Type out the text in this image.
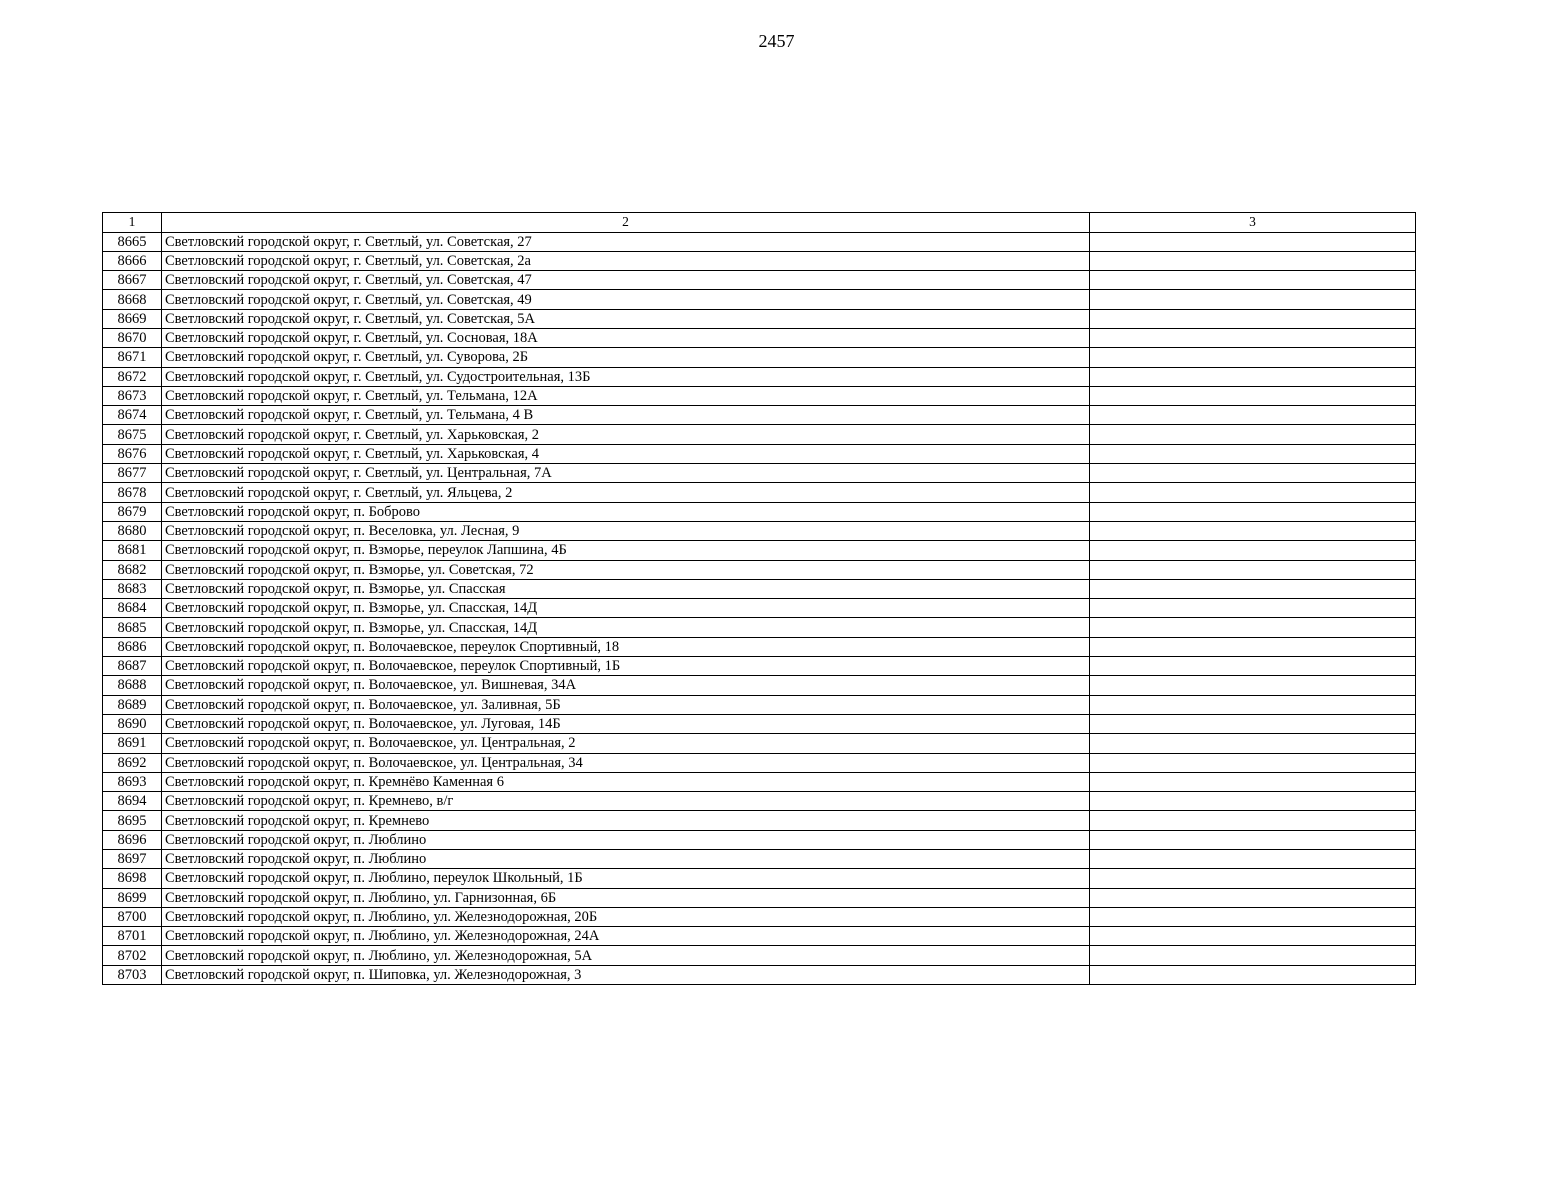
2457
1	2	3
8665	Светловский городской округ, г. Светлый, ул. Советская, 27	
8666	Светловский городской округ, г. Светлый, ул. Советская, 2а	
8667	Светловский городской округ, г. Светлый, ул. Советская, 47	
8668	Светловский городской округ, г. Светлый, ул. Советская, 49	
8669	Светловский городской округ, г. Светлый, ул. Советская, 5А	
8670	Светловский городской округ, г. Светлый, ул. Сосновая, 18А	
8671	Светловский городской округ, г. Светлый, ул. Суворова, 2Б	
8672	Светловский городской округ, г. Светлый, ул. Судостроительная, 13Б	
8673	Светловский городской округ, г. Светлый, ул. Тельмана, 12А	
8674	Светловский городской округ, г. Светлый, ул. Тельмана, 4 В	
8675	Светловский городской округ, г. Светлый, ул. Харьковская, 2	
8676	Светловский городской округ, г. Светлый, ул. Харьковская, 4	
8677	Светловский городской округ, г. Светлый, ул. Центральная, 7А	
8678	Светловский городской округ, г. Светлый, ул. Яльцева, 2	
8679	Светловский городской округ, п. Боброво	
8680	Светловский городской округ, п. Веселовка, ул. Лесная, 9	
8681	Светловский городской округ, п. Взморье, переулок Лапшина, 4Б	
8682	Светловский городской округ, п. Взморье, ул. Советская, 72	
8683	Светловский городской округ, п. Взморье, ул. Спасская	
8684	Светловский городской округ, п. Взморье, ул. Спасская, 14Д	
8685	Светловский городской округ, п. Взморье, ул. Спасская, 14Д	
8686	Светловский городской округ, п. Волочаевское, переулок Спортивный, 18	
8687	Светловский городской округ, п. Волочаевское, переулок Спортивный, 1Б	
8688	Светловский городской округ, п. Волочаевское, ул. Вишневая, 34А	
8689	Светловский городской округ, п. Волочаевское, ул. Заливная, 5Б	
8690	Светловский городской округ, п. Волочаевское, ул. Луговая, 14Б	
8691	Светловский городской округ, п. Волочаевское, ул. Центральная, 2	
8692	Светловский городской округ, п. Волочаевское, ул. Центральная, 34	
8693	Светловский городской округ, п. Кремнёво Каменная 6	
8694	Светловский городской округ, п. Кремнево, в/г	
8695	Светловский городской округ, п. Кремнево	
8696	Светловский городской округ, п. Люблино	
8697	Светловский городской округ, п. Люблино	
8698	Светловский городской округ, п. Люблино, переулок Школьный, 1Б	
8699	Светловский городской округ, п. Люблино, ул. Гарнизонная, 6Б	
8700	Светловский городской округ, п. Люблино, ул. Железнодорожная, 20Б	
8701	Светловский городской округ, п. Люблино, ул. Железнодорожная, 24А	
8702	Светловский городской округ, п. Люблино, ул. Железнодорожная, 5А	
8703	Светловский городской округ, п. Шиповка, ул. Железнодорожная, 3	
